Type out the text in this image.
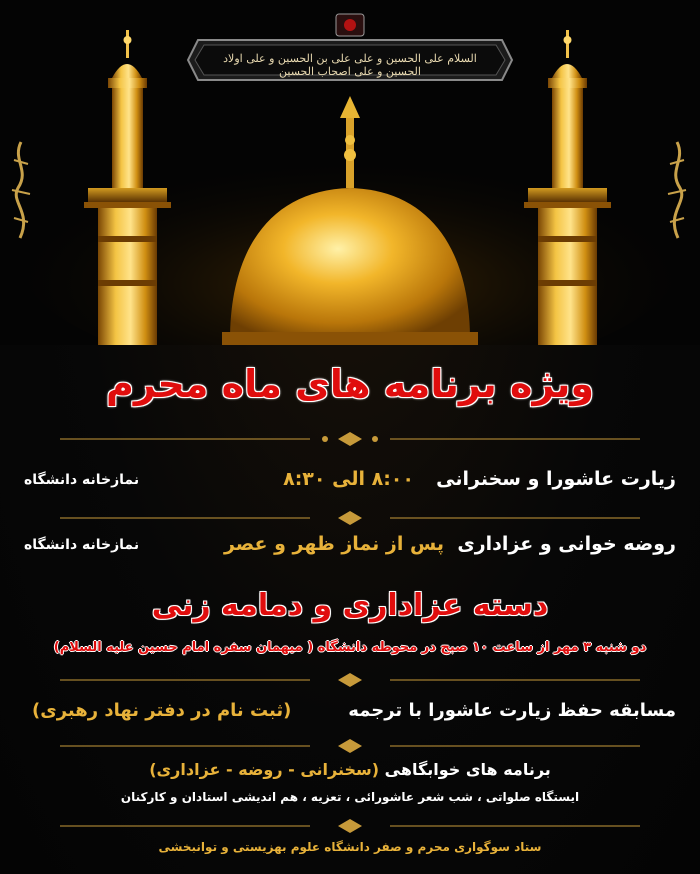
السلام علی الحسین و علی علی بن الحسین و علی اولاد الحسین و علی اصحاب الحسین
ویژه برنامه های ماه محرم
زیارت عاشورا و سخنرانی
۸:۰۰ الی ۸:۳۰
نمازخانه دانشگاه
روضه خوانی و عزاداری
پس از نماز ظهر و عصر
نمازخانه دانشگاه
دسته عزاداری و دمامه زنی
دو شنبه ۳ مهر از ساعت ۱۰ صبح در محوطه دانشگاه ( میهمان سفره امام حسین علیه السلام)
مسابقه حفظ زیارت عاشورا با ترجمه
(ثبت نام در دفتر نهاد رهبری)
برنامه های خوابگاهی (سخنرانی - روضه - عزاداری)
ایستگاه صلواتی ، شب شعر عاشورائی ، تعزیه ، هم اندیشی استادان و کارکنان
ستاد سوگواری محرم و صفر دانشگاه علوم بهزیستی و توانبخشی
